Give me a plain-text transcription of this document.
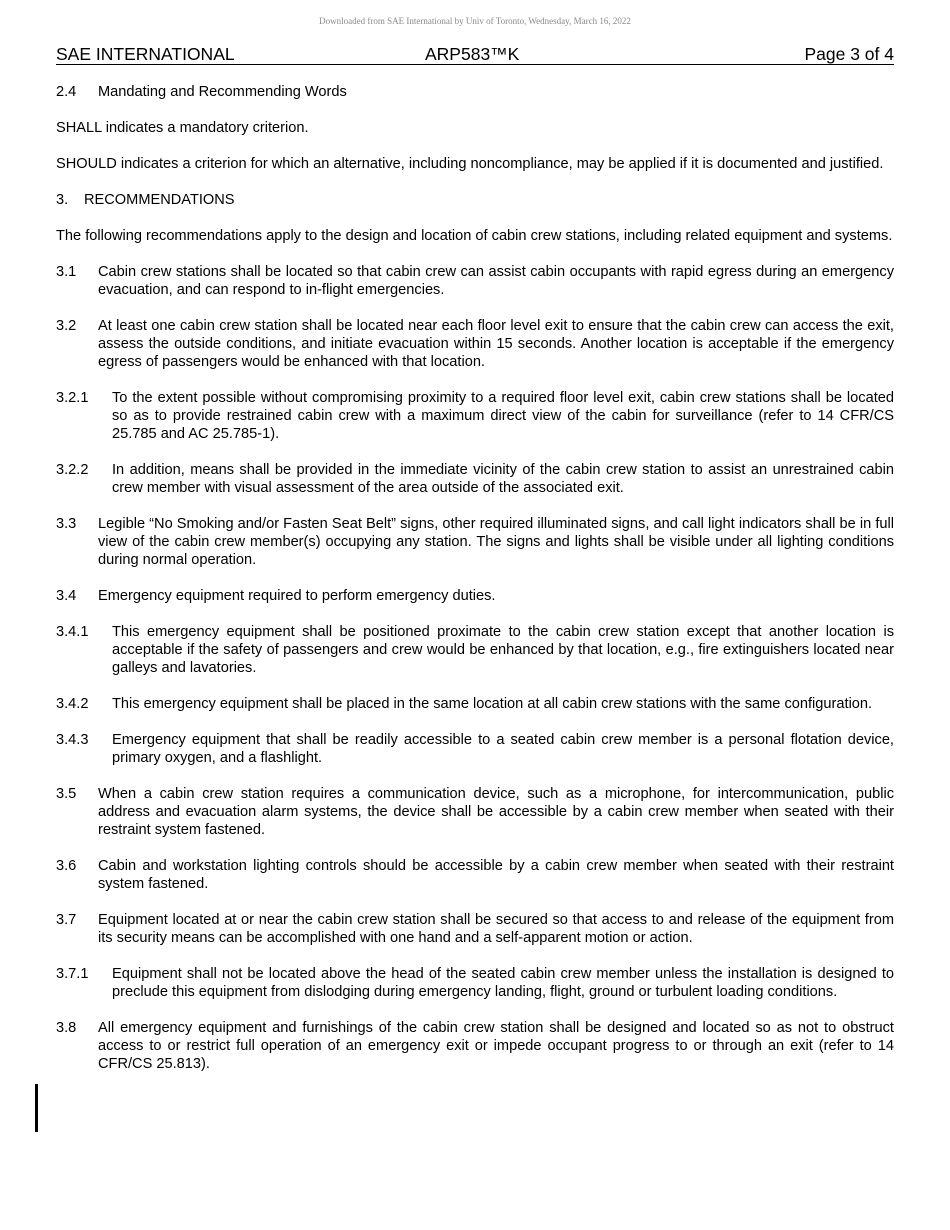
Downloaded from SAE International by Univ of Toronto, Wednesday, March 16, 2022
SAE INTERNATIONAL	ARP583™K	Page 3 of 4
2.4	Mandating and Recommending Words

SHALL indicates a mandatory criterion.

SHOULD indicates a criterion for which an alternative, including noncompliance, may be applied if it is documented and justified.

3.	RECOMMENDATIONS

The following recommendations apply to the design and location of cabin crew stations, including related equipment and systems.

3.1	Cabin crew stations shall be located so that cabin crew can assist cabin occupants with rapid egress during an emergency evacuation, and can respond to in-flight emergencies.
3.2	At least one cabin crew station shall be located near each floor level exit to ensure that the cabin crew can access the exit, assess the outside conditions, and initiate evacuation within 15 seconds. Another location is acceptable if the emergency egress of passengers would be enhanced with that location.
3.2.1	To the extent possible without compromising proximity to a required floor level exit, cabin crew stations shall be located so as to provide restrained cabin crew with a maximum direct view of the cabin for surveillance (refer to 14 CFR/CS 25.785 and AC 25.785-1).
3.2.2	In addition, means shall be provided in the immediate vicinity of the cabin crew station to assist an unrestrained cabin crew member with visual assessment of the area outside of the associated exit.
3.3	Legible “No Smoking and/or Fasten Seat Belt” signs, other required illuminated signs, and call light indicators shall be in full view of the cabin crew member(s) occupying any station. The signs and lights shall be visible under all lighting conditions during normal operation.
3.4	Emergency equipment required to perform emergency duties.
3.4.1	This emergency equipment shall be positioned proximate to the cabin crew station except that another location is acceptable if the safety of passengers and crew would be enhanced by that location, e.g., fire extinguishers located near galleys and lavatories.
3.4.2	This emergency equipment shall be placed in the same location at all cabin crew stations with the same configuration.
3.4.3	Emergency equipment that shall be readily accessible to a seated cabin crew member is a personal flotation device, primary oxygen, and a flashlight.
3.5	When a cabin crew station requires a communication device, such as a microphone, for intercommunication, public address and evacuation alarm systems, the device shall be accessible by a cabin crew member when seated with their restraint system fastened.
3.6	Cabin and workstation lighting controls should be accessible by a cabin crew member when seated with their restraint system fastened.
3.7	Equipment located at or near the cabin crew station shall be secured so that access to and release of the equipment from its security means can be accomplished with one hand and a self-apparent motion or action.
3.7.1	Equipment shall not be located above the head of the seated cabin crew member unless the installation is designed to preclude this equipment from dislodging during emergency landing, flight, ground or turbulent loading conditions.
3.8	All emergency equipment and furnishings of the cabin crew station shall be designed and located so as not to obstruct access to or restrict full operation of an emergency exit or impede occupant progress to or through an exit (refer to 14 CFR/CS 25.813).
